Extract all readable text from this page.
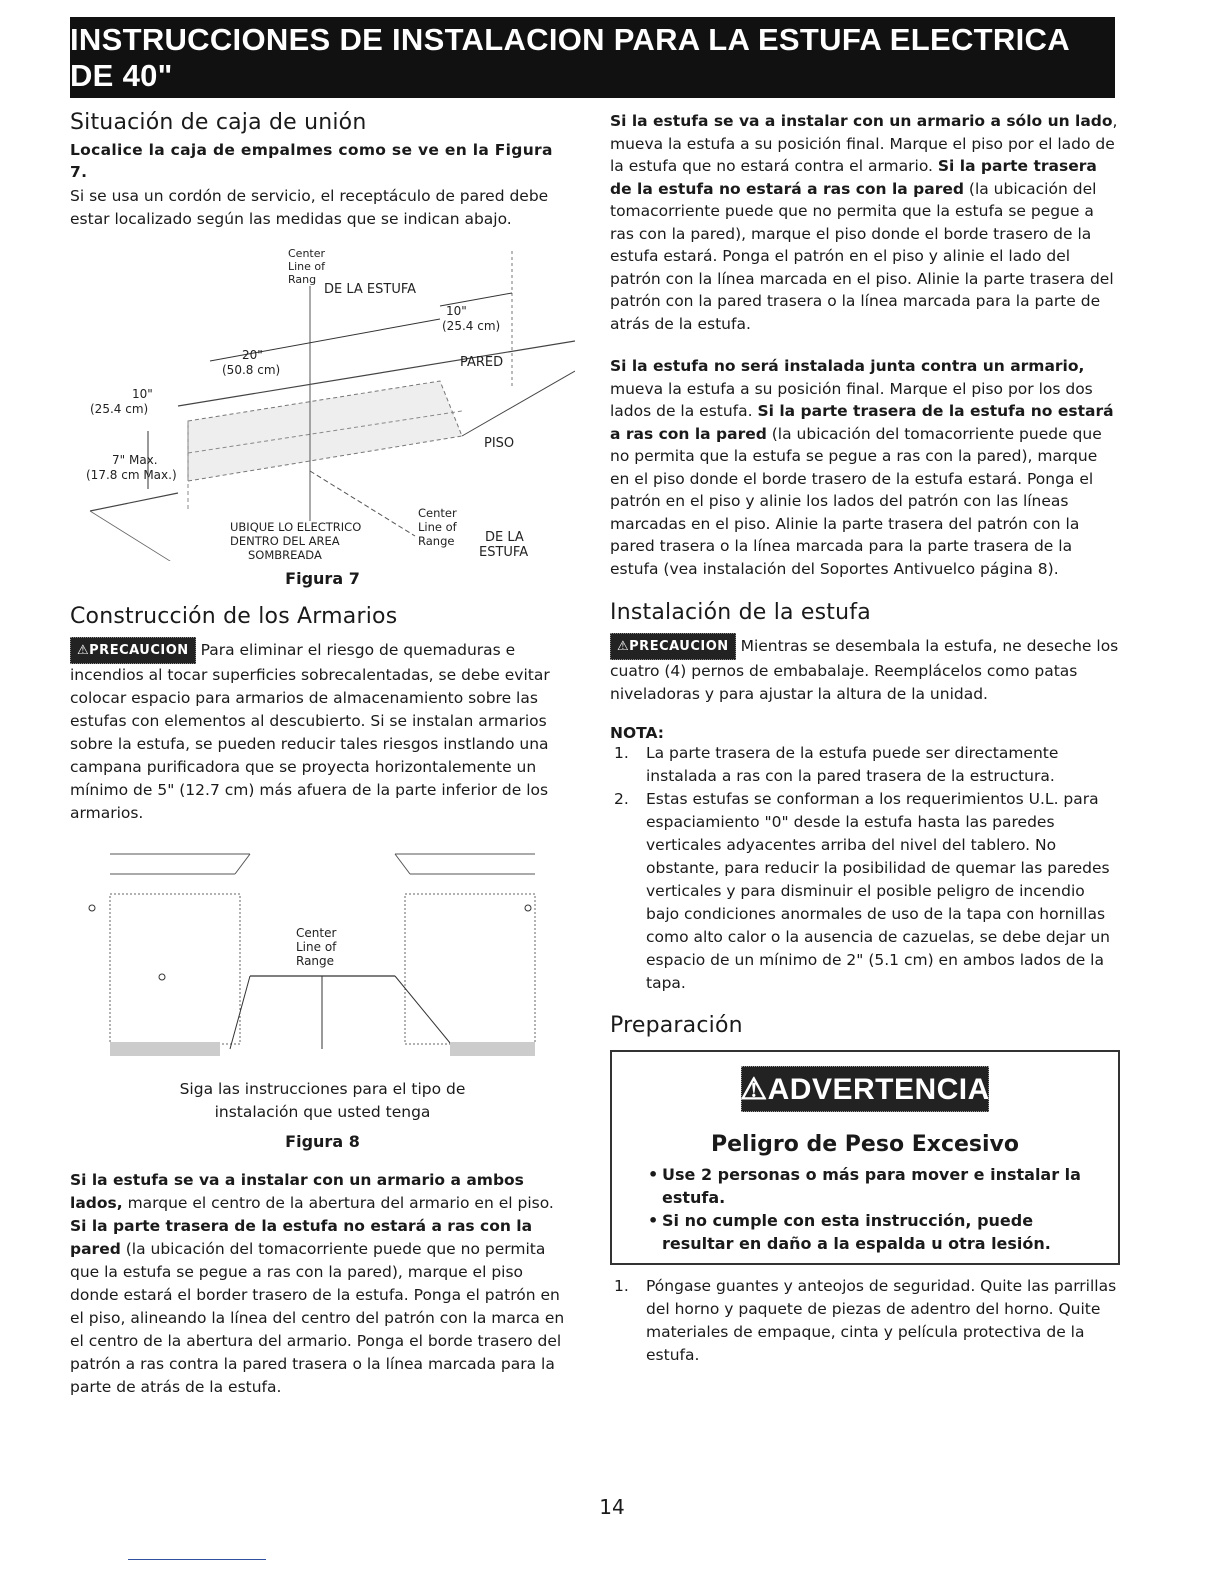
INSTRUCCIONES DE INSTALACION PARA LA ESTUFA ELECTRICA DE 40"
Situación de caja de unión
Localice la caja de empalmes como se ve en la Figura 7.

Si se usa un cordón de servicio, el receptáculo de pared debe estar localizado según las medidas que se indican abajo.

Center
Line of
Rang
DE LA ESTUFA
10"
(25.4 cm)
20"
(50.8 cm)	PARED
10"
(25.4 cm)
PISO
7" Max.
(17.8 cm Max.)
UBIQUE LO ELECTRICO
DENTRO DEL AREA
SOMBREADA
Center
Line of
Range DE LA
ESTUFA
Figura 7
Construcción de los Armarios

⚠PRECAUCION Para eliminar el riesgo de quemaduras e incendios al tocar superficies sobrecalentadas, se debe evitar colocar espacio para armarios de almacenamiento sobre las estufas con elementos al descubierto. Si se instalan armarios sobre la estufa, se pueden reducir tales riesgos instlando una campana purificadora que se proyecta horizontalemente un mínimo de 5" (12.7 cm) más afuera de la parte inferior de los armarios.

Center
Line of
Range
Siga las instrucciones para el tipo de
instalación que usted tenga
Figura 8

Si la estufa se va a instalar con un armario a ambos lados, marque el centro de la abertura del armario en el piso. Si la parte trasera de la estufa no estará a ras con la pared (la ubicación del tomacorriente puede que no permita que la estufa se pegue a ras con la pared), marque el piso donde estará el border trasero de la estufa. Ponga el patrón en el piso, alineando la línea del centro del patrón con la marca en el centro de la abertura del armario. Ponga el borde trasero del patrón a ras contra la pared trasera o la línea marcada para la parte de atrás de la estufa.

Si la estufa se va a instalar con un armario a sólo un lado, mueva la estufa a su posición final. Marque el piso por el lado de la estufa que no estará contra el armario. Si la parte trasera de la estufa no estará a ras con la pared (la ubicación del tomacorriente puede que no permita que la estufa se pegue a ras con la pared), marque el piso donde el borde trasero de la estufa estará. Ponga el patrón en el piso y alinie el lado del patrón con la línea marcada en el piso. Alinie la parte trasera del patrón con la pared trasera o la línea marcada para la parte de atrás de la estufa.

Si la estufa no será instalada junta contra un armario, mueva la estufa a su posición final. Marque el piso por los dos lados de la estufa. Si la parte trasera de la estufa no estará a ras con la pared (la ubicación del tomacorriente puede que no permita que la estufa se pegue a ras con la pared), marque en el piso donde el borde trasero de la estufa estará. Ponga el patrón en el piso y alinie los lados del patrón con las líneas marcadas en el piso. Alinie la parte trasera del patrón con la pared trasera o la línea marcada para la parte trasera de la estufa (vea instalación del Soportes Antivuelco página 8).

Instalación de la estufa

⚠PRECAUCION Mientras se desembala la estufa, ne deseche los cuatro (4) pernos de embabalaje. Reemplácelos como patas niveladoras y para ajustar la altura de la unidad.

NOTA:
1. La parte trasera de la estufa puede ser directamente instalada a ras con la pared trasera de la estructura.
2. Estas estufas se conforman a los requerimientos U.L. para espaciamiento "0" desde la estufa hasta las paredes verticales adyacentes arriba del nivel del tablero. No obstante, para reducir la posibilidad de quemar las paredes verticales y para disminuir el posible peligro de incendio bajo condiciones anormales de uso de la tapa con hornillas como alto calor o la ausencia de cazuelas, se debe dejar un espacio de un mínimo de 2" (5.1 cm) en ambos lados de la tapa.
Preparación
⚠ADVERTENCIA
Peligro de Peso Excesivo
• Use 2 personas o más para mover e instalar la estufa.
• Si no cumple con esta instrucción, puede resultar en daño a la espalda u otra lesión.
1. Póngase guantes y anteojos de seguridad. Quite las parrillas del horno y paquete de piezas de adentro del horno. Quite materiales de empaque, cinta y película protectiva de la estufa.
14
